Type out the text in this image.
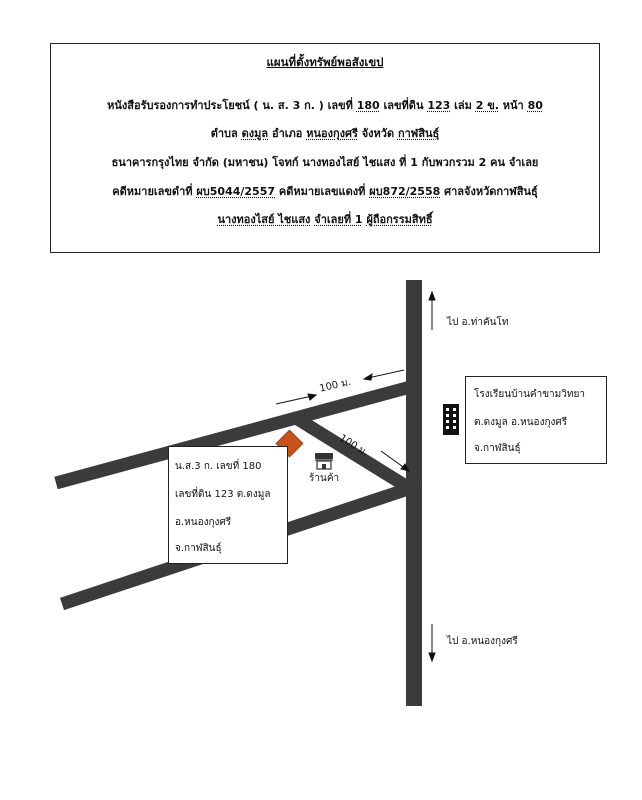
แผนที่ตั้งทรัพย์พอสังเขป
หนังสือรับรองการทำประโยชน์ ( น. ส. 3 ก. ) เลขที่ 180 เลขที่ดิน 123 เล่ม 2 ข. หน้า 80
ตำบล ดงมูล อำเภอ หนองกุงศรี จังหวัด กาฬสินธุ์
ธนาคารกรุงไทย จำกัด (มหาชน) โจทก์ นางทองไสย์ ไชแสง ที่ 1 กับพวกรวม 2 คน จำเลย
คดีหมายเลขดำที่ ผบ5044/2557 คดีหมายเลขแดงที่ ผบ872/2558 ศาลจังหวัดกาฬสินธุ์
นางทองไสย์ ไชแสง จำเลยที่ 1 ผู้ถือกรรมสิทธิ์
ไป อ.ท่าคันโท
ไป อ.หนองกุงศรี
100 ม.
100 ม.
ร้านค้า
น.ส.3 ก. เลขที่ 180
เลขที่ดิน 123 ต.ดงมูล
อ.หนองกุงศรี
จ.กาฬสินธุ์
โรงเรียนบ้านคำขามวิทยา
ต.ดงมูล อ.หนองกุงศรี
จ.กาฬสินธุ์
